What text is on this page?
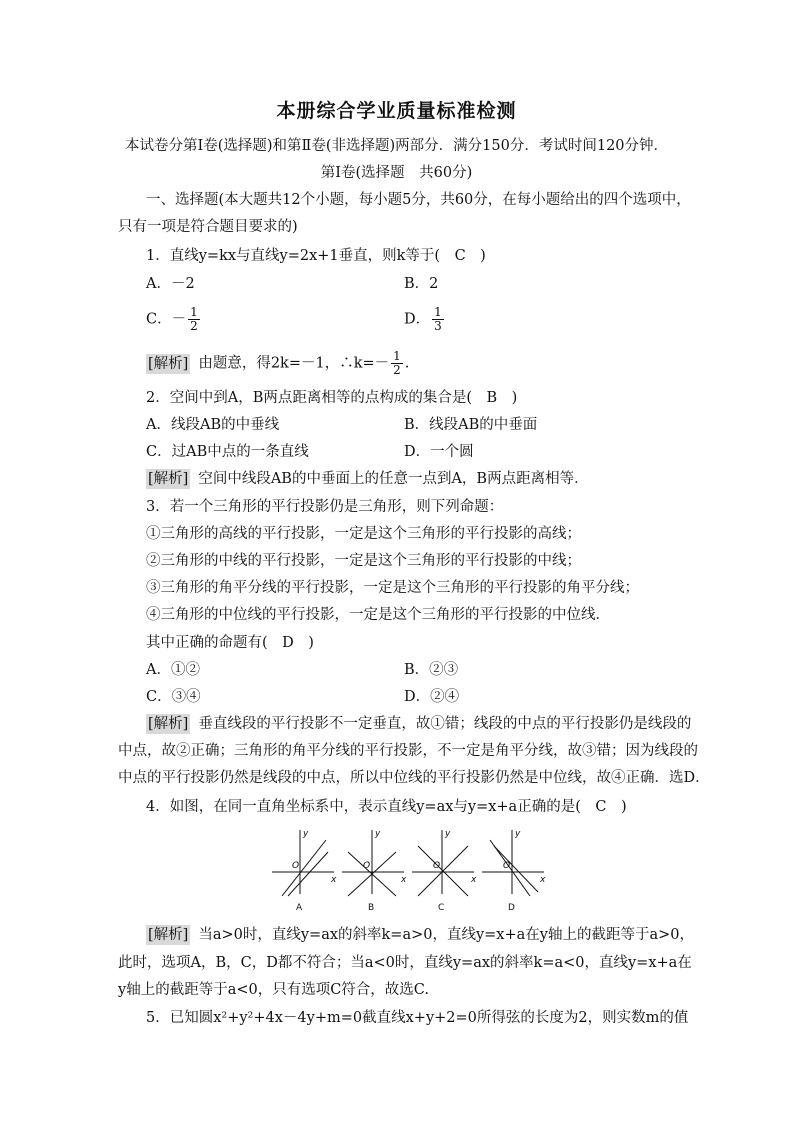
本册综合学业质量标准检测
本试卷分第Ⅰ卷(选择题)和第Ⅱ卷(非选择题)两部分．满分150分．考试时间120分钟．
第Ⅰ卷(选择题　共60分)
一、选择题(本大题共12个小题，每小题5分，共60分，在每小题给出的四个选项中，
只有一项是符合题目要求的)
1．直线y=kx与直线y=2x+1垂直，则k等于(　C　)
A．－2	B．2
C．－ $\frac{1}{2}$	D． $\frac{1}{3}$
[解析] 由题意，得2k=－1，∴k=－ $\frac{1}{2}$ .
2．空间中到A，B两点距离相等的点构成的集合是(　B　)
A．线段AB的中垂线	B．线段AB的中垂面
C．过AB中点的一条直线	D．一个圆
[解析] 空间中线段AB的中垂面上的任意一点到A，B两点距离相等．
3．若一个三角形的平行投影仍是三角形，则下列命题：
①三角形的高线的平行投影，一定是这个三角形的平行投影的高线；
②三角形的中线的平行投影，一定是这个三角形的平行投影的中线；
③三角形的角平分线的平行投影，一定是这个三角形的平行投影的角平分线；
④三角形的中位线的平行投影，一定是这个三角形的平行投影的中位线．
其中正确的命题有(　D　)
A．①②	B．②③
C．③④	D．②④
[解析] 垂直线段的平行投影不一定垂直，故①错；线段的中点的平行投影仍是线段的
中点，故②正确；三角形的角平分线的平行投影，不一定是角平分线，故③错；因为线段的
中点的平行投影仍然是线段的中点，所以中位线的平行投影仍然是中位线，故④正确．选D．
4．如图，在同一直角坐标系中，表示直线y=ax与y=x+a正确的是(　C　)
y
O
x
A
y
O
x
B
y
O
x
C
y
O
x
D
[解析] 当a>0时，直线y=ax的斜率k=a>0，直线y=x+a在y轴上的截距等于a>0，
此时，选项A，B，C，D都不符合；当a<0时，直线y=ax的斜率k=a<0，直线y=x+a在
y轴上的截距等于a<0，只有选项C符合，故选C.
5．已知圆x²+y²+4x－4y+m=0截直线x+y+2=0所得弦的长度为2，则实数m的值
